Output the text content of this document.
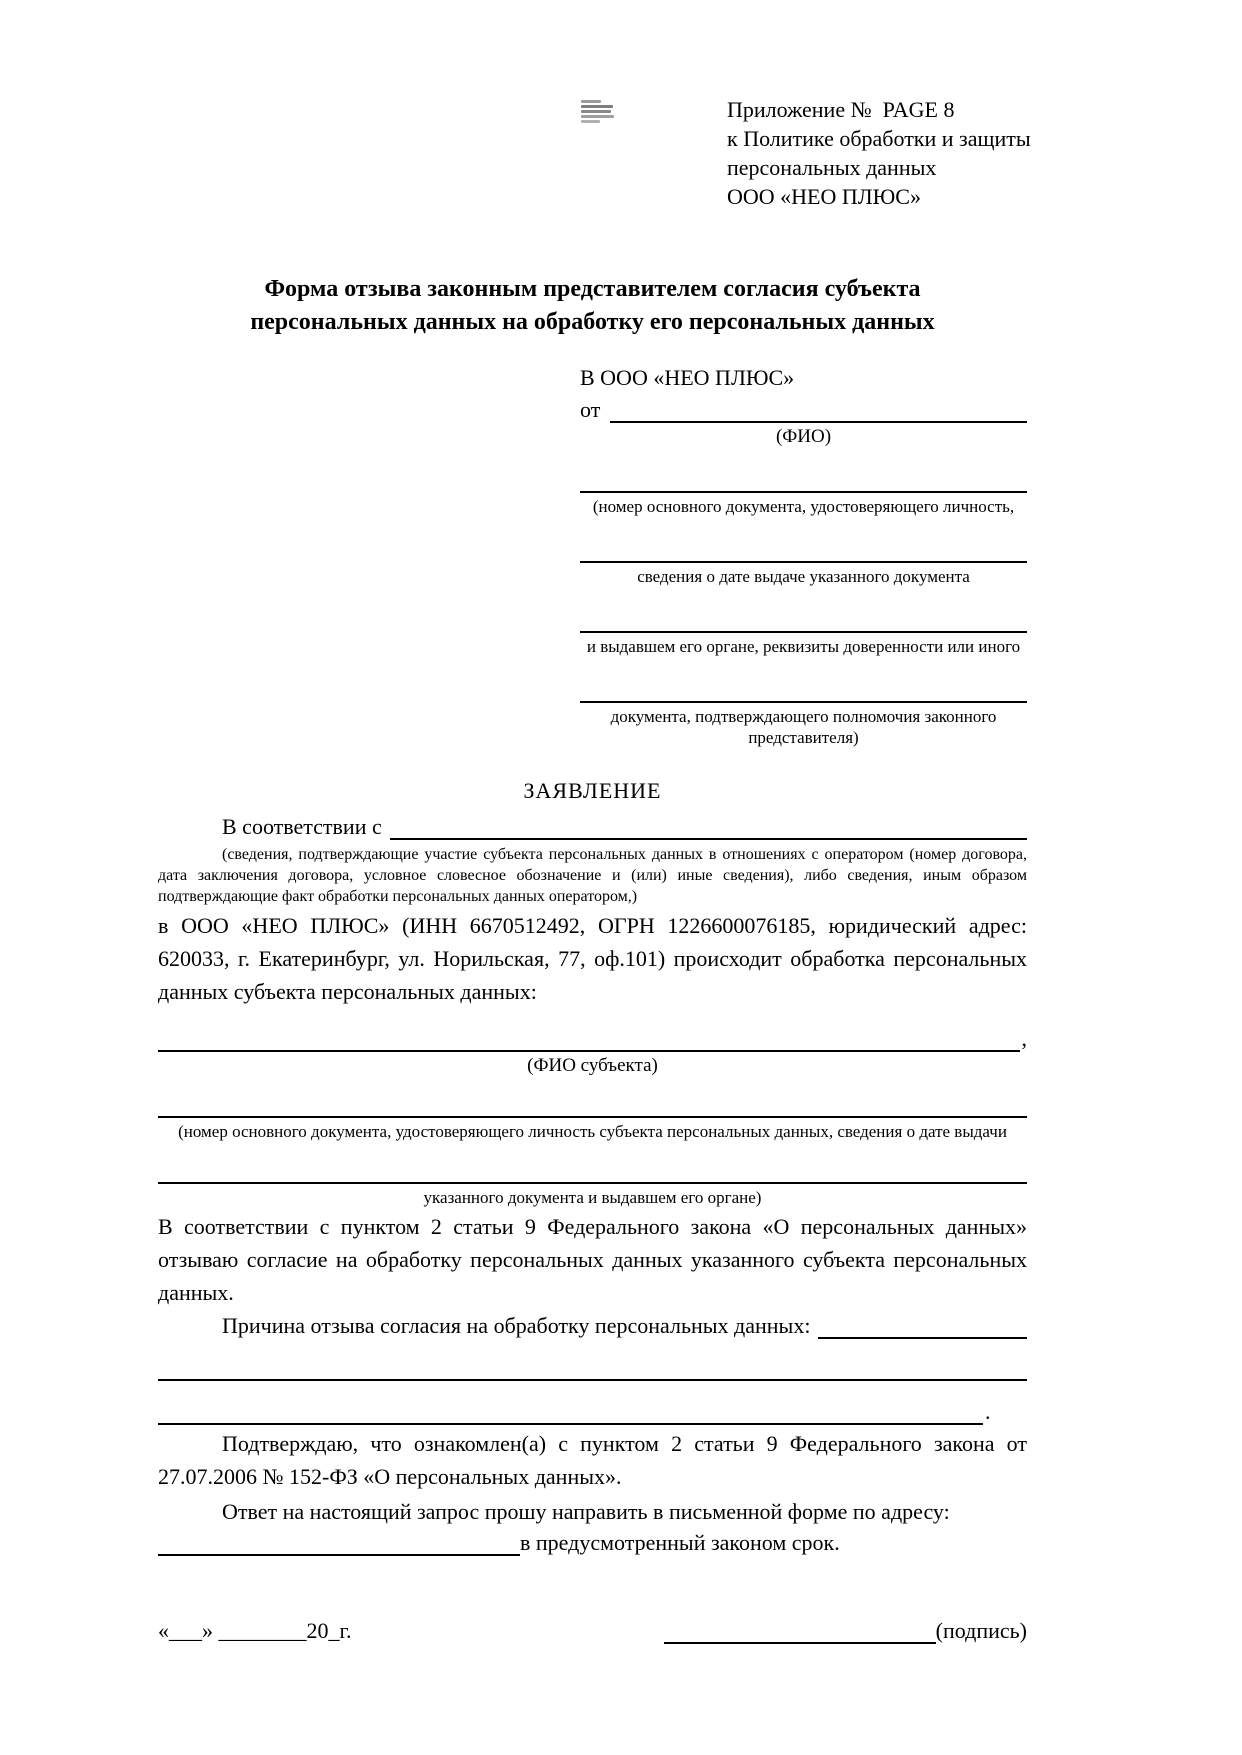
Приложение №  PAGE 8
к Политике обработки и защиты
персональных данных
ООО «НЕО ПЛЮС»
Форма отзыва законным представителем согласия субъекта персональных данных на обработку его персональных данных
В ООО «НЕО ПЛЮС»
от
(ФИО)
(номер основного документа, удостоверяющего личность,
сведения о дате выдаче указанного документа
и выдавшем его органе, реквизиты доверенности или иного
документа, подтверждающего полномочия законного представителя)
ЗАЯВЛЕНИЕ
В соответствии с

(сведения, подтверждающие участие субъекта персональных данных в отношениях с оператором (номер договора, дата заключения договора, условное словесное обозначение и (или) иные сведения), либо сведения, иным образом подтверждающие факт обработки персональных данных оператором,)

в ООО «НЕО ПЛЮС» (ИНН 6670512492, ОГРН 1226600076185, юридический адрес: 620033, г. Екатеринбург, ул. Норильская, 77, оф.101) происходит обработка персональных данных субъекта персональных данных:

,
(ФИО субъекта)
(номер основного документа, удостоверяющего личность субъекта персональных данных, сведения о дате выдачи
указанного документа и выдавшем его органе)

В соответствии с пунктом 2 статьи 9 Федерального закона «О персональных данных» отзываю согласие на обработку персональных данных указанного субъекта персональных данных.

Причина отзыва согласия на обработку персональных данных:
.

Подтверждаю, что ознакомлен(а) с пунктом 2 статьи 9 Федерального закона от 27.07.2006 № 152-ФЗ «О персональных данных».

Ответ на настоящий запрос прошу направить в письменной форме по адресу:

в предусмотренный законом срок.
«___» ________20_г.	(подпись)
